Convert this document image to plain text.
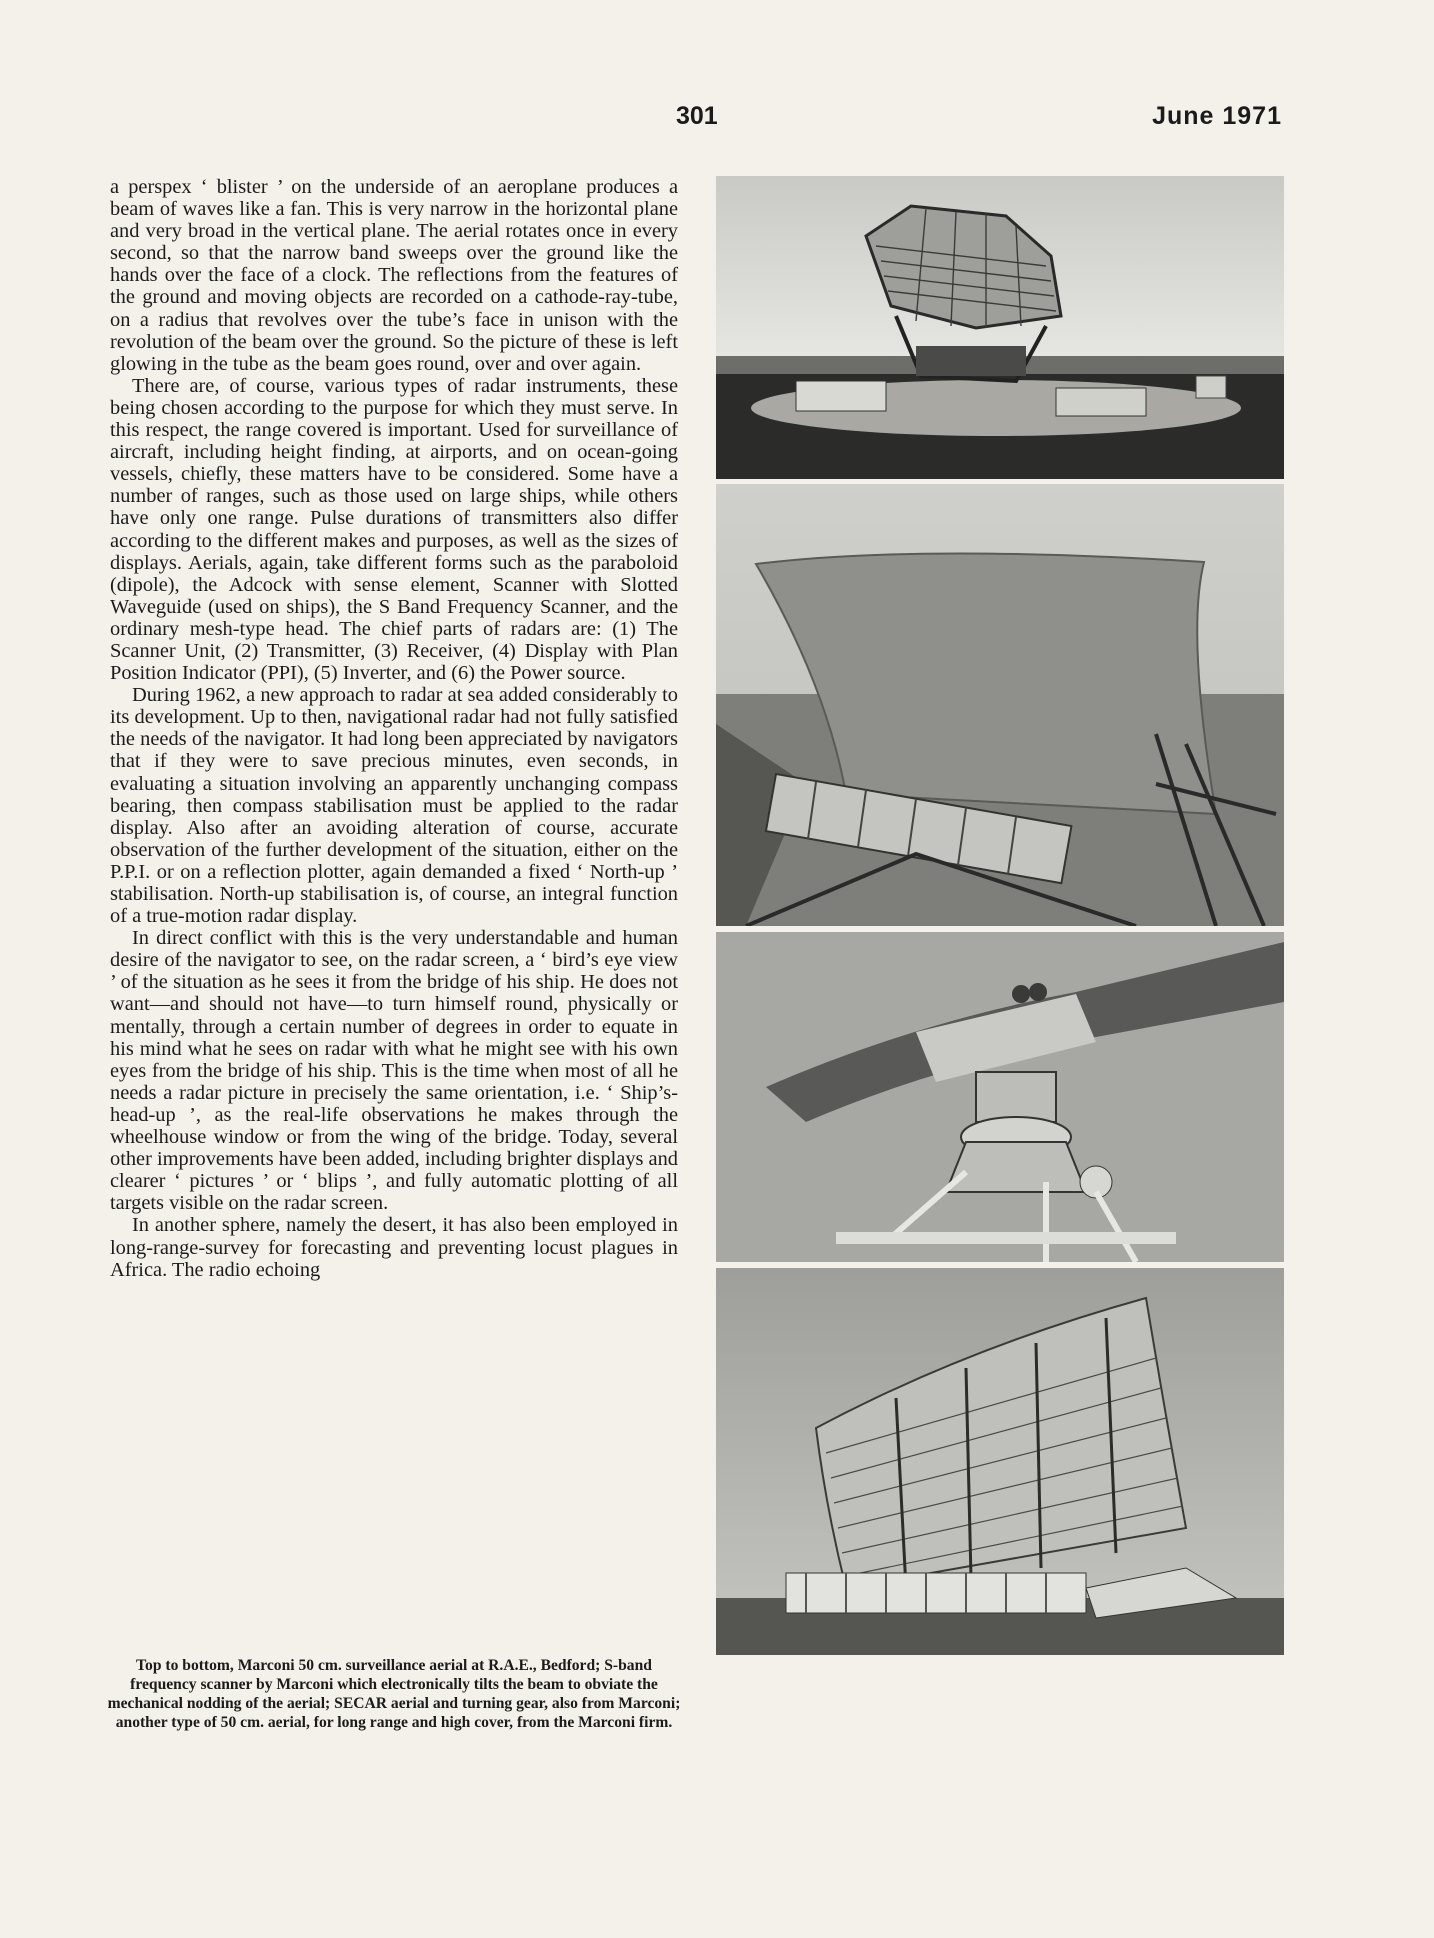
301	June 1971

a perspex ‘ blister ’ on the underside of an aeroplane produces a beam of waves like a fan. This is very narrow in the horizontal plane and very broad in the vertical plane. The aerial rotates once in every second, so that the narrow band sweeps over the ground like the hands over the face of a clock. The reflections from the features of the ground and moving objects are recorded on a cathode-ray-tube, on a radius that revolves over the tube’s face in unison with the revolution of the beam over the ground. So the picture of these is left glowing in the tube as the beam goes round, over and over again.

There are, of course, various types of radar instruments, these being chosen according to the purpose for which they must serve. In this respect, the range covered is important. Used for surveillance of aircraft, including height finding, at airports, and on ocean-going vessels, chiefly, these matters have to be considered. Some have a number of ranges, such as those used on large ships, while others have only one range. Pulse durations of transmitters also differ according to the different makes and purposes, as well as the sizes of displays. Aerials, again, take different forms such as the paraboloid (dipole), the Adcock with sense element, Scanner with Slotted Waveguide (used on ships), the S Band Frequency Scanner, and the ordinary mesh-type head. The chief parts of radars are: (1) The Scanner Unit, (2) Transmitter, (3) Receiver, (4) Display with Plan Position Indicator (PPI), (5) Inverter, and (6) the Power source.

During 1962, a new approach to radar at sea added considerably to its development. Up to then, navigational radar had not fully satisfied the needs of the navigator. It had long been appreciated by navigators that if they were to save precious minutes, even seconds, in evaluating a situation involving an apparently unchanging compass bearing, then compass stabilisation must be applied to the radar display. Also after an avoiding alteration of course, accurate observation of the further development of the situation, either on the P.P.I. or on a reflection plotter, again demanded a fixed ‘ North-up ’ stabilisation. North-up stabilisation is, of course, an integral function of a true-motion radar display.

In direct conflict with this is the very understandable and human desire of the navigator to see, on the radar screen, a ‘ bird’s eye view ’ of the situation as he sees it from the bridge of his ship. He does not want—and should not have—to turn himself round, physically or mentally, through a certain number of degrees in order to equate in his mind what he sees on radar with what he might see with his own eyes from the bridge of his ship. This is the time when most of all he needs a radar picture in precisely the same orientation, i.e. ‘ Ship’s-head-up ’, as the real-life observations he makes through the wheelhouse window or from the wing of the bridge. Today, several other improvements have been added, including brighter displays and clearer ‘ pictures ’ or ‘ blips ’, and fully automatic plotting of all targets visible on the radar screen.

In another sphere, namely the desert, it has also been employed in long-range-survey for forecasting and preventing locust plagues in Africa. The radio echoing

Top to bottom, Marconi 50 cm. surveillance aerial at R.A.E., Bedford; S-band frequency scanner by Marconi which electronically tilts the beam to obviate the mechanical nodding of the aerial; SECAR aerial and turning gear, also from Marconi; another type of 50 cm. aerial, for long range and high cover, from the Marconi firm.
